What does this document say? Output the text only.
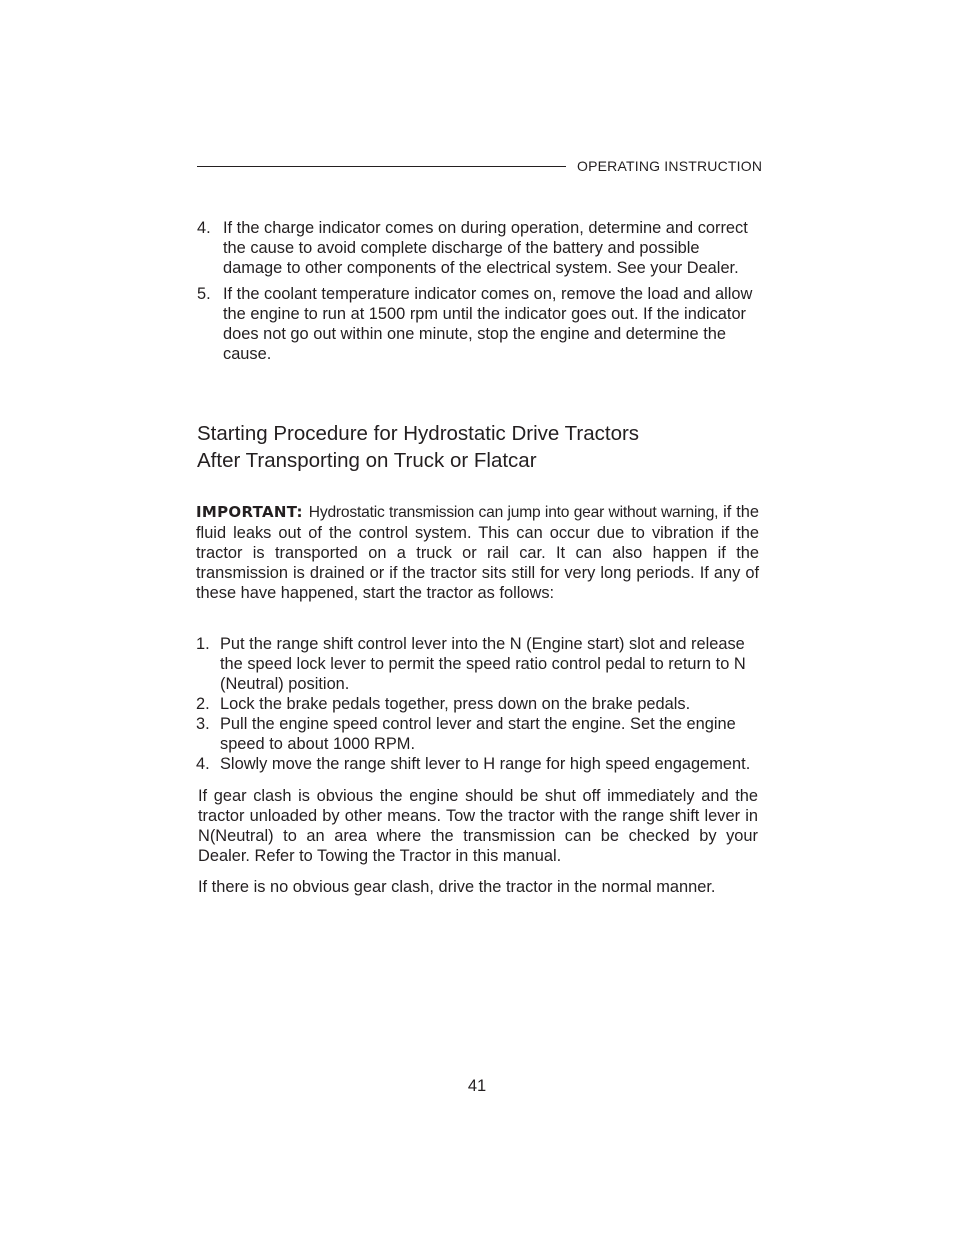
OPERATING INSTRUCTION
4. If the charge indicator comes on during operation, determine and correct the cause to avoid complete discharge of the battery and possible damage to other components of the electrical system. See your Dealer.
5. If the coolant temperature indicator comes on, remove the load and allow the engine to run at 1500 rpm until the indicator goes out. If the indicator does not go out within one minute, stop the engine and determine the cause.
Starting Procedure for Hydrostatic Drive Tractors
After Transporting on Truck or Flatcar
IMPORTANT: Hydrostatic transmission can jump into gear without warning, if the fluid leaks out of the control system. This can occur due to vibration if the tractor is transported on a truck or rail car. It can also happen if the transmission is drained or if the tractor sits still for very long periods. If any of these have happened, start the tractor as follows:
1. Put the range shift control lever into the N (Engine start) slot and release the speed lock lever to permit the speed ratio control pedal to return to N (Neutral) position.
2. Lock the brake pedals together, press down on the brake pedals.
3. Pull the engine speed control lever and start the engine. Set the engine speed to about 1000 RPM.
4. Slowly move the range shift lever to H range for high speed engagement.

If gear clash is obvious the engine should be shut off immediately and the tractor unloaded by other means. Tow the tractor with the range shift lever in N(Neutral) to an area where the transmission can be checked by your Dealer. Refer to Towing the Tractor in this manual.

If there is no obvious gear clash, drive the tractor in the normal manner.

41
